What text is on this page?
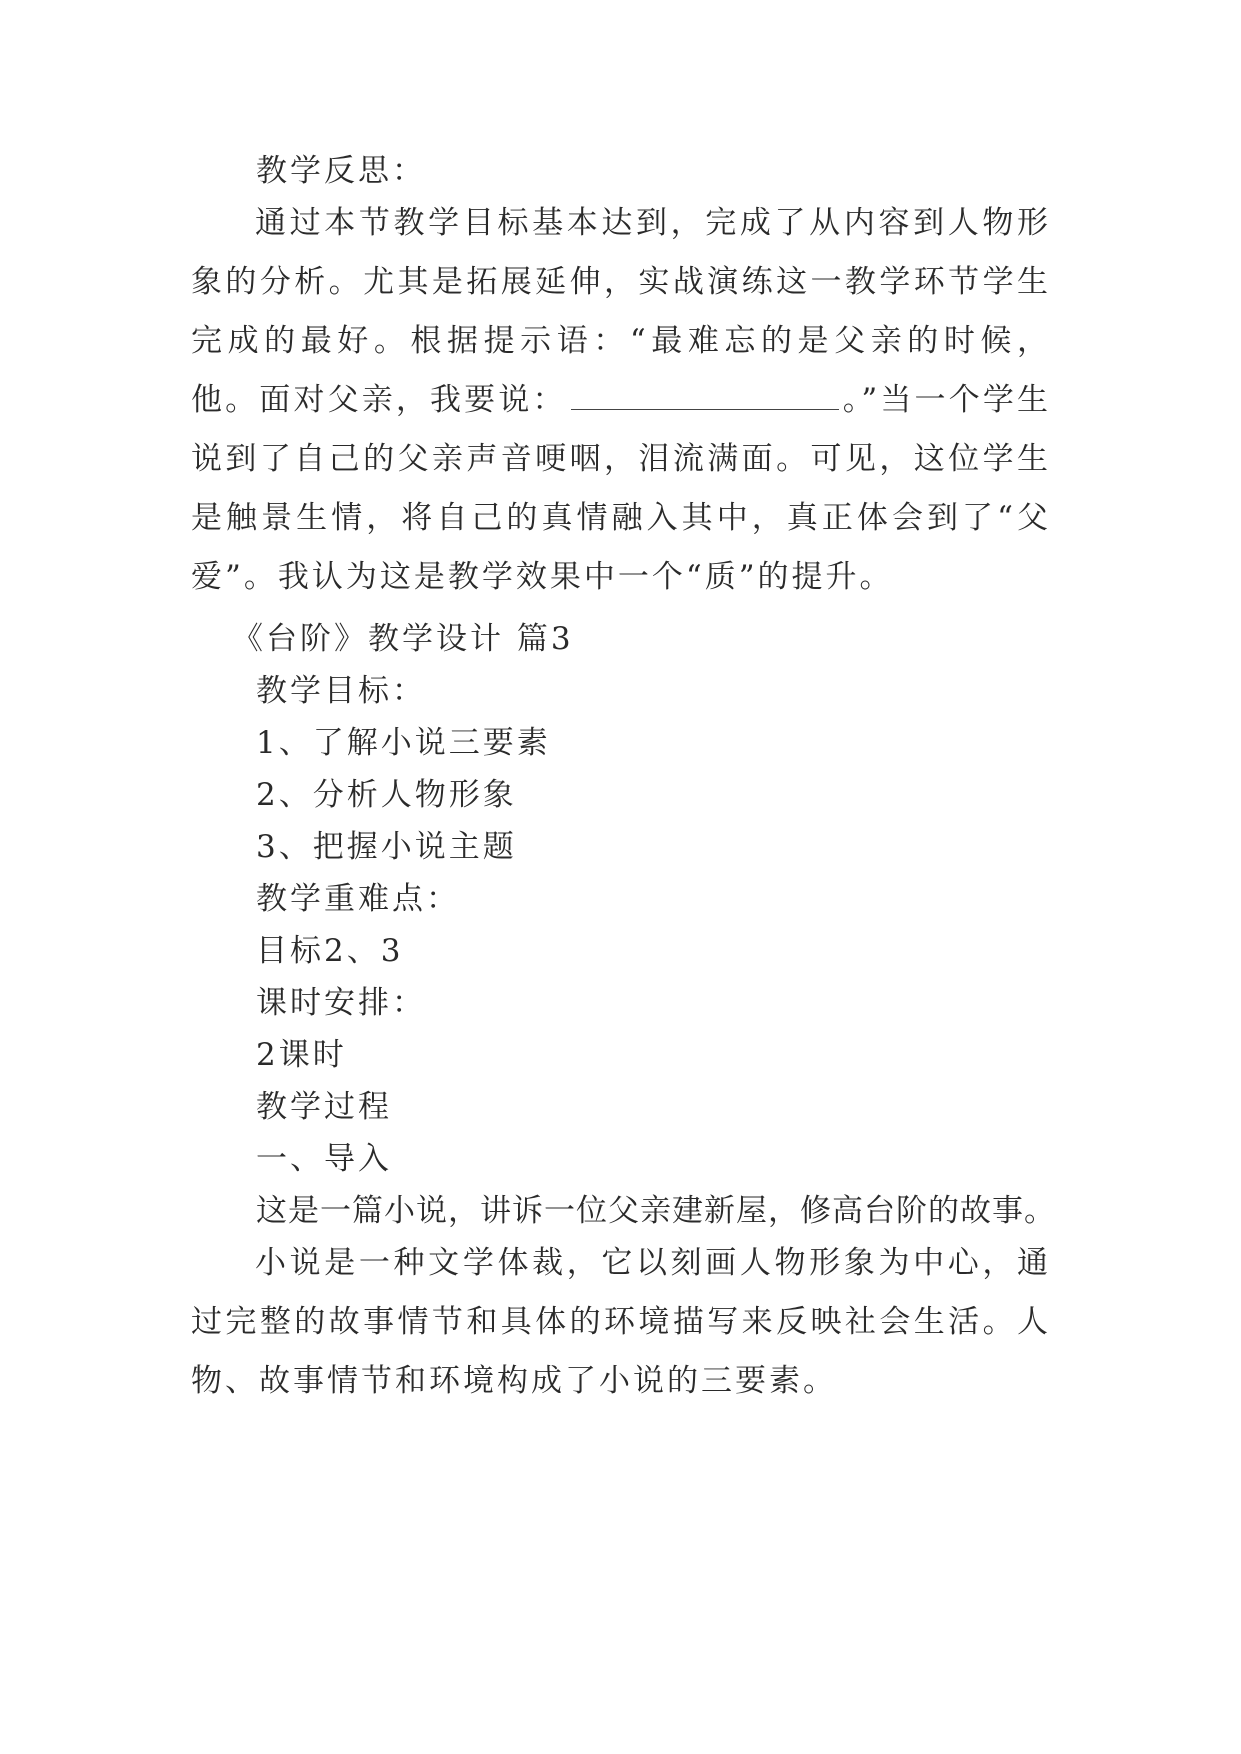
教学反思：

通过本节教学目标基本达到，完成了从内容到人物形象的分析。尤其是拓展延伸，实战演练这一教学环节学生完成的最好。根据提示语：“最难忘的是父亲的时候，他。面对父亲，我要说：	。”当一个学生说到了自己的父亲声音哽咽，泪流满面。可见，这位学生是触景生情，将自己的真情融入其中，真正体会到了“父爱”。我认为这是教学效果中一个“质”的提升。

《台阶》教学设计 篇3

教学目标：

1、了解小说三要素

2、分析人物形象

3、把握小说主题

教学重难点：

目标2、3

课时安排：

2课时

教学过程

一、导入

这是一篇小说，讲诉一位父亲建新屋，修高台阶的故事。

小说是一种文学体裁，它以刻画人物形象为中心，通过完整的故事情节和具体的环境描写来反映社会生活。人物、故事情节和环境构成了小说的三要素。
